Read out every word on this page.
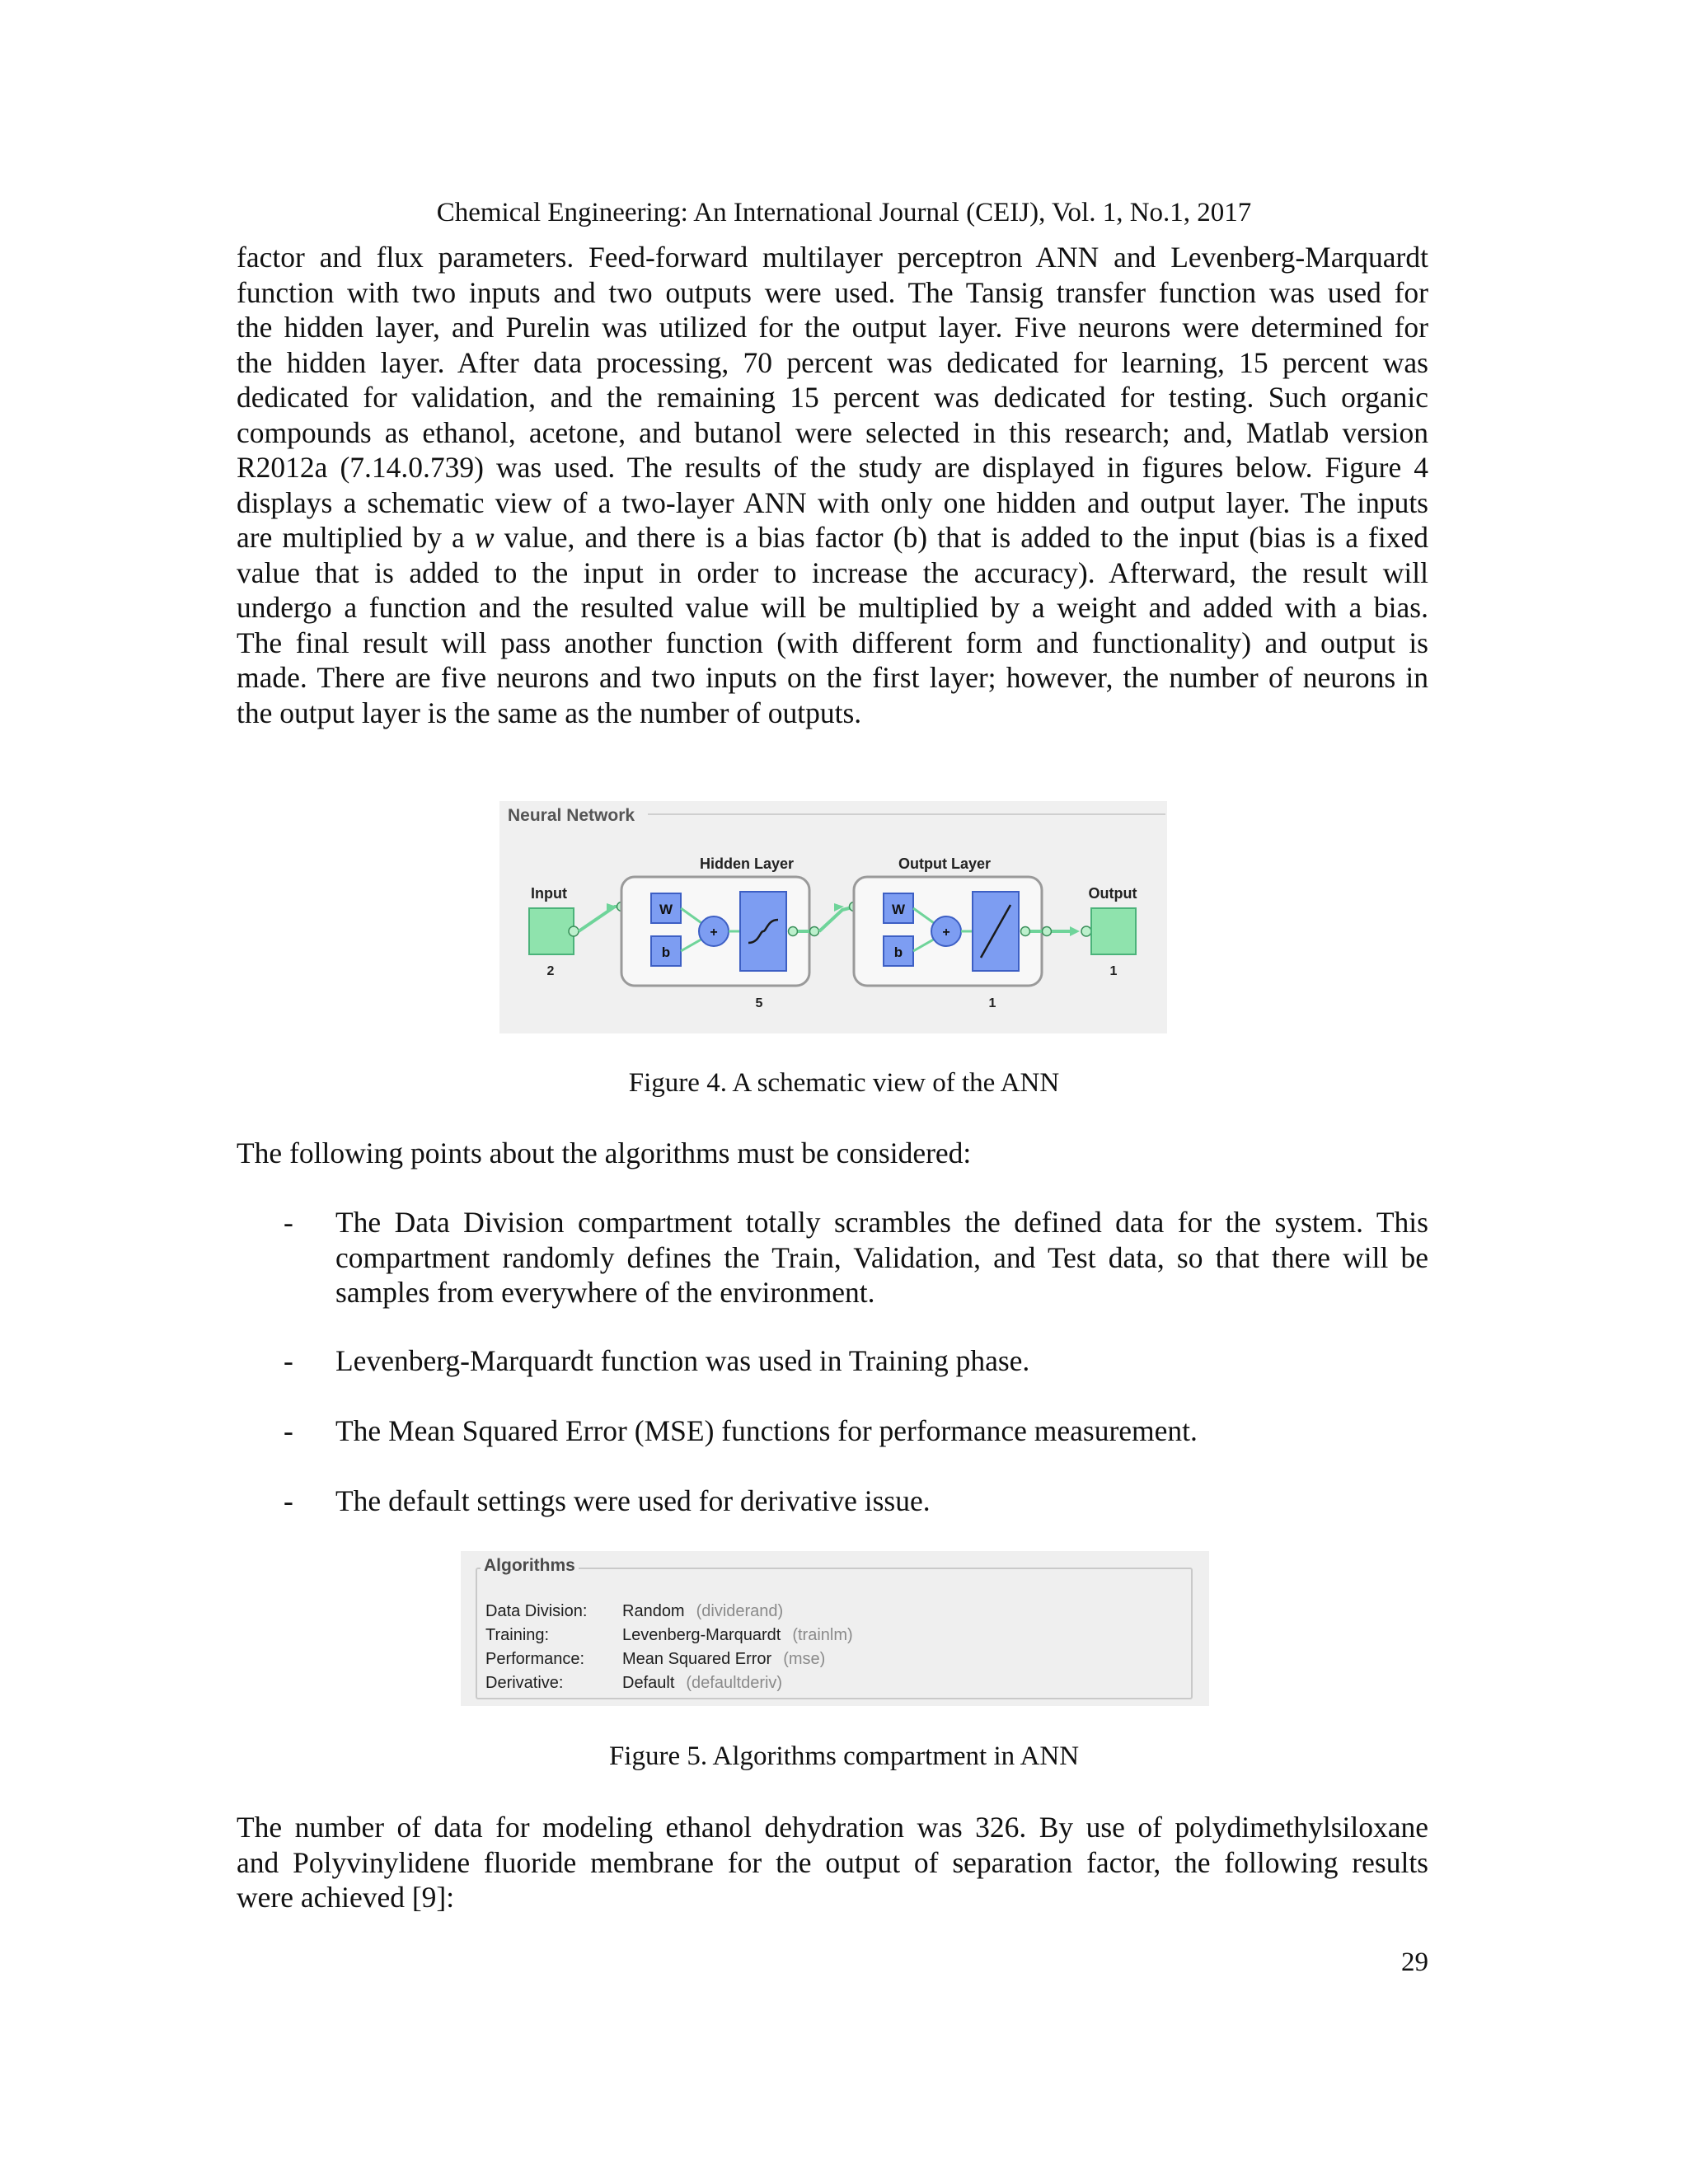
Chemical Engineering: An International Journal (CEIJ), Vol. 1, No.1, 2017
factor and flux parameters. Feed-forward multilayer perceptron ANN and Levenberg-Marquardt
function with two inputs and two outputs were used. The Tansig transfer function was used for
the hidden layer, and Purelin was utilized for the output layer. Five neurons were determined for
the hidden layer. After data processing, 70 percent was dedicated for learning, 15 percent was
dedicated for validation, and the remaining 15 percent was dedicated for testing. Such organic
compounds as ethanol, acetone, and butanol were selected in this research; and, Matlab version
R2012a (7.14.0.739) was used. The results of the study are displayed in figures below. Figure 4
displays a schematic view of a two-layer ANN with only one hidden and output layer. The inputs
are multiplied by a w value, and there is a bias factor (b) that is added to the input (bias is a fixed
value that is added to the input in order to increase the accuracy). Afterward, the result will
undergo a function and the resulted value will be multiplied by a weight and added with a bias.
The final result will pass another function (with different form and functionality) and output is
made. There are five neurons and two inputs on the first layer; however, the number of neurons in
the output layer is the same as the number of outputs.
Neural Network
Input
2
Hidden Layer
W
b
+
5
Output Layer
W
b
+
1
Output
1
Figure 4. A schematic view of the ANN
The following points about the algorithms must be considered:
- The Data Division compartment totally scrambles the defined data for the system. This
compartment randomly defines the Train, Validation, and Test data, so that there will be
samples from everywhere of the environment.
- Levenberg-Marquardt function was used in Training phase.
- The Mean Squared Error (MSE) functions for performance measurement.
- The default settings were used for derivative issue.
Algorithms
Data Division: Random (dividerand)
Training:	Levenberg-Marquardt (trainlm)
Performance: Mean Squared Error (mse)
Derivative:	Default (defaultderiv)
Figure 5. Algorithms compartment in ANN
The number of data for modeling ethanol dehydration was 326. By use of polydimethylsiloxane
and Polyvinylidene fluoride membrane for the output of separation factor, the following results
were achieved [9]:
29
